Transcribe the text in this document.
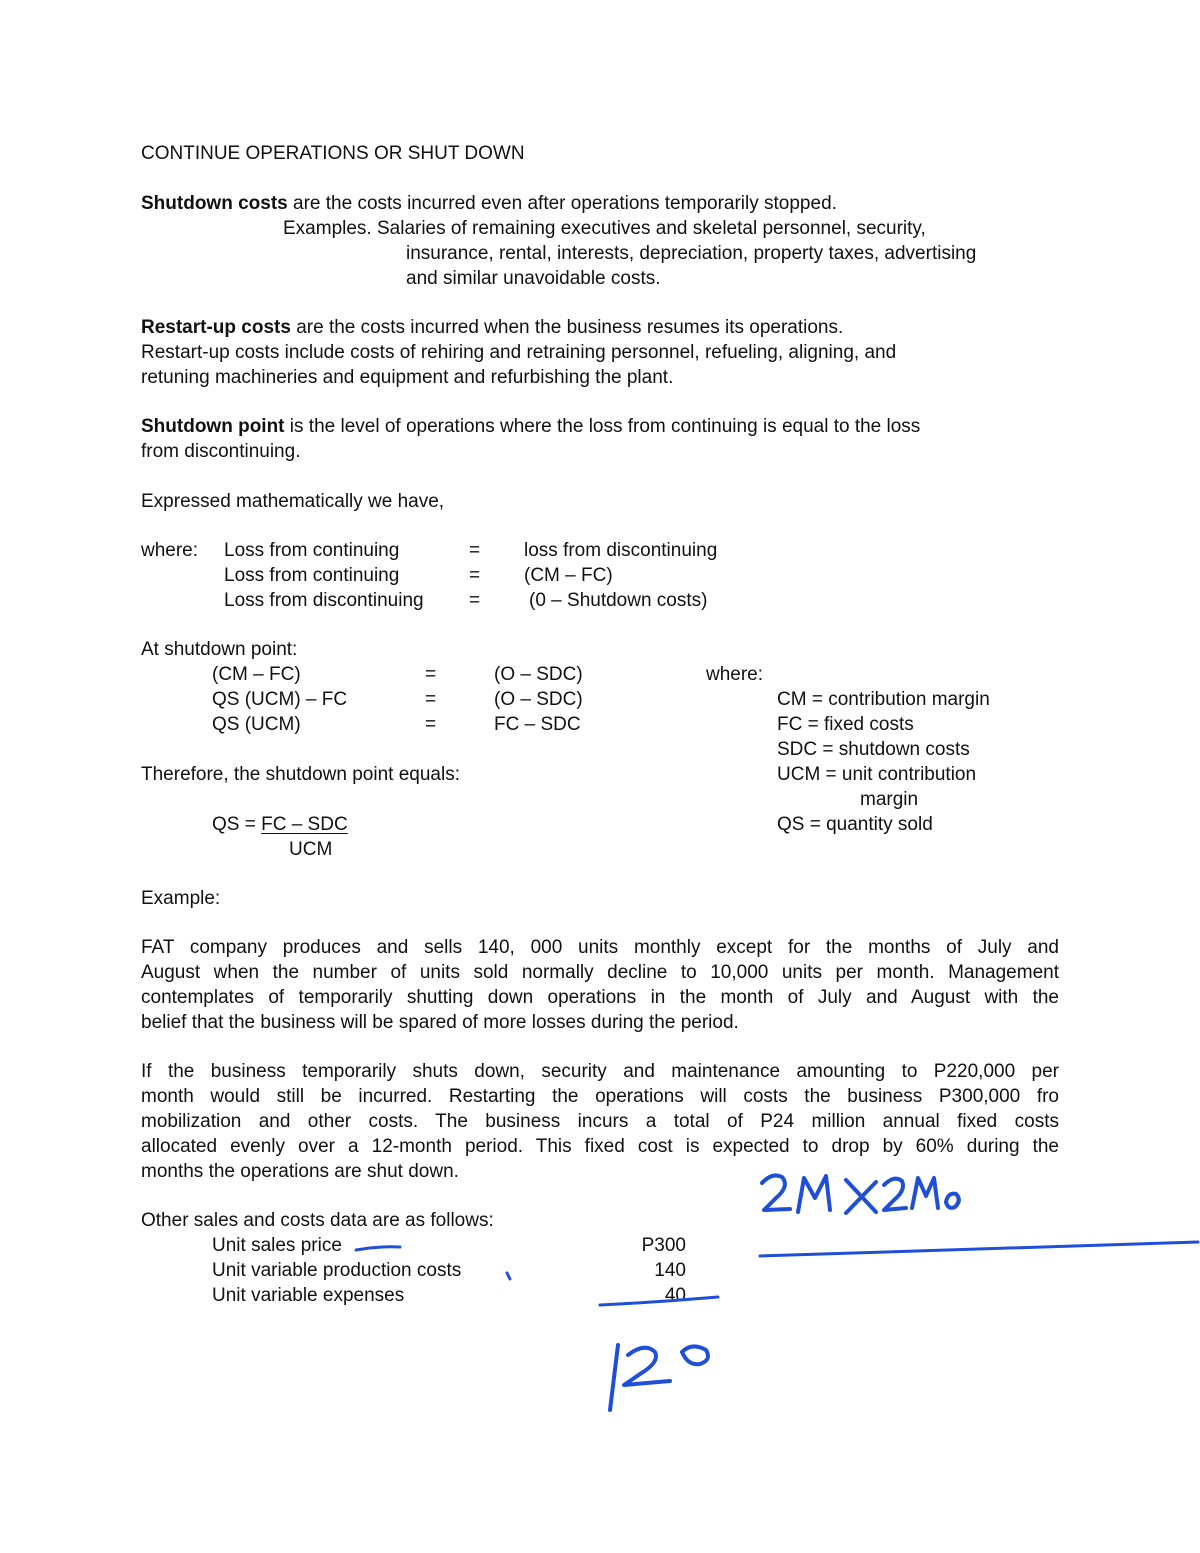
CONTINUE OPERATIONS OR SHUT DOWN
Shutdown costs are the costs incurred even after operations temporarily stopped.
Examples. Salaries of remaining executives and skeletal personnel, security,
insurance, rental, interests, depreciation, property taxes, advertising
and similar unavoidable costs.
Restart-up costs are the costs incurred when the business resumes its operations.
Restart-up costs include costs of rehiring and retraining personnel, refueling, aligning, and
retuning machineries and equipment and refurbishing the plant.
Shutdown point is the level of operations where the loss from continuing is equal to the loss
from discontinuing.
Expressed mathematically we have,
where: Loss from continuing	= loss from discontinuing
Loss from continuing	= (CM – FC)
Loss from discontinuing =	(0 – Shutdown costs)
At shutdown point:
(CM – FC)	=	(O – SDC)
QS (UCM) – FC	=	(O – SDC)
QS (UCM)	=	FC – SDC
where:
CM = contribution margin
FC = fixed costs
SDC = shutdown costs
UCM = unit contribution
margin
QS = quantity sold
Therefore, the shutdown point equals:
QS = FC – SDC
UCM
Example:
FAT company produces and sells 140, 000 units monthly except for the months of July and
August when the number of units sold normally decline to 10,000 units per month. Management
contemplates of temporarily shutting down operations in the month of July and August with the
belief that the business will be spared of more losses during the period.
If the business temporarily shuts down, security and maintenance amounting to P220,000 per
month would still be incurred. Restarting the operations will costs the business P300,000 fro
mobilization and other costs. The business incurs a total of P24 million annual fixed costs
allocated evenly over a 12-month period. This fixed cost is expected to drop by 60% during the
months the operations are shut down.
Other sales and costs data are as follows:
Unit sales price	P300
Unit variable production costs	140
Unit variable expenses	40
